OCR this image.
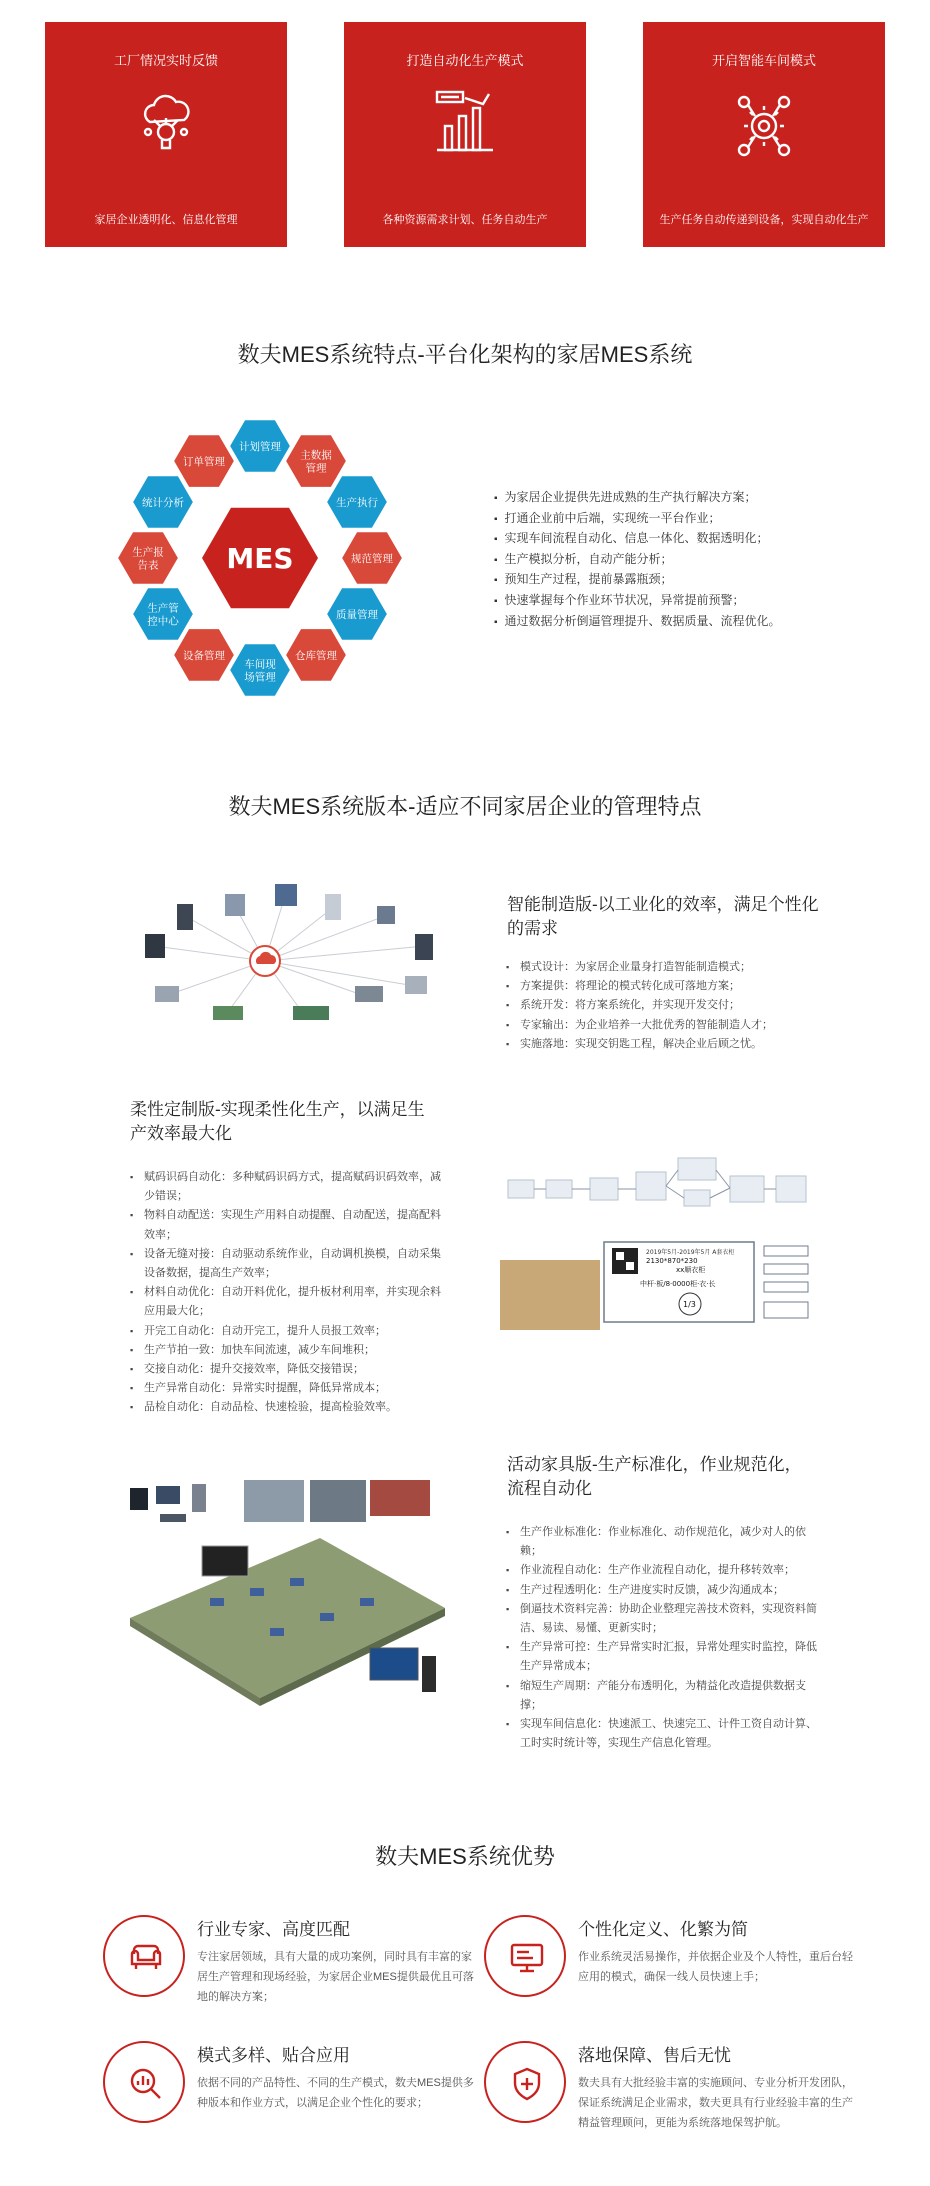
工厂情况实时反馈
家居企业透明化、信息化管理
打造自动化生产模式
各种资源需求计划、任务自动生产
开启智能车间模式
生产任务自动传递到设备，实现自动化生产
数夫MES系统特点-平台化架构的家居MES系统
计划管理
主数据
管理
生产执行
规范管理
质量管理
仓库管理
车间现
场管理
设备管理
生产管
控中心
生产报
告表
统计分析
订单管理
MES
▪ 为家居企业提供先进成熟的生产执行解决方案；
▪ 打通企业前中后端，实现统一平台作业；
▪ 实现车间流程自动化、信息一体化、数据透明化；
▪ 生产模拟分析，自动产能分析；
▪ 预知生产过程，提前暴露瓶颈；
▪ 快速掌握每个作业环节状况，异常提前预警；
▪ 通过数据分析倒逼管理提升、数据质量、流程优化。
数夫MES系统版本-适应不同家居企业的管理特点
智能制造版-以工业化的效率，满足个性化的需求
▪ 模式设计：为家居企业量身打造智能制造模式；
▪ 方案提供：将理论的模式转化成可落地方案；
▪ 系统开发：将方案系统化，并实现开发交付；
▪ 专家输出：为企业培养一大批优秀的智能制造人才；
▪ 实施落地：实现交钥匙工程，解决企业后顾之忧。
柔性定制版-实现柔性化生产，以满足生产效率最大化
▪ 赋码识码自动化：多种赋码识码方式，提高赋码识码效率，减少错误；
▪ 物料自动配送：实现生产用料自动提醒、自动配送，提高配料效率；
▪ 设备无缝对接：自动驱动系统作业，自动调机换模，自动采集设备数据，提高生产效率；
▪ 材料自动优化：自动开料优化，提升板材利用率，并实现余料应用最大化；
▪ 开完工自动化：自动开完工，提升人员报工效率；
▪ 生产节拍一致：加快车间流速，减少车间堆积；
▪ 交接自动化：提升交接效率，降低交接错误；
▪ 生产异常自动化：异常实时提醒，降低异常成本；
▪ 品检自动化：自动品检、快速检验，提高检验效率。
2019年5月-2019年5月 A套衣柜
2130*870*230
xx顺衣柜
中杆·板/8·0000柜·衣·长
1/3
活动家具版-生产标准化，作业规范化，流程自动化
▪ 生产作业标准化：作业标准化、动作规范化，减少对人的依赖；
▪ 作业流程自动化：生产作业流程自动化，提升移转效率；
▪ 生产过程透明化：生产进度实时反馈，减少沟通成本；
▪ 倒逼技术资料完善：协助企业整理完善技术资料，实现资料简洁、易读、易懂、更新实时；
▪ 生产异常可控：生产异常实时汇报，异常处理实时监控，降低生产异常成本；
▪ 缩短生产周期：产能分布透明化，为精益化改造提供数据支撑；
▪ 实现车间信息化：快速派工、快速完工、计件工资自动计算、工时实时统计等，实现生产信息化管理。
数夫MES系统优势
行业专家、高度匹配
专注家居领域，具有大量的成功案例，同时具有丰富的家居生产管理和现场经验，为家居企业MES提供最优且可落地的解决方案；
个性化定义、化繁为简
作业系统灵活易操作，并依据企业及个人特性，重后台轻应用的模式，确保一线人员快速上手；
模式多样、贴合应用
依据不同的产品特性、不同的生产模式，数夫MES提供多种版本和作业方式，以满足企业个性化的要求；
落地保障、售后无忧
数夫具有大批经验丰富的实施顾问、专业分析开发团队，保证系统满足企业需求，数夫更具有行业经验丰富的生产精益管理顾问，更能为系统落地保驾护航。
